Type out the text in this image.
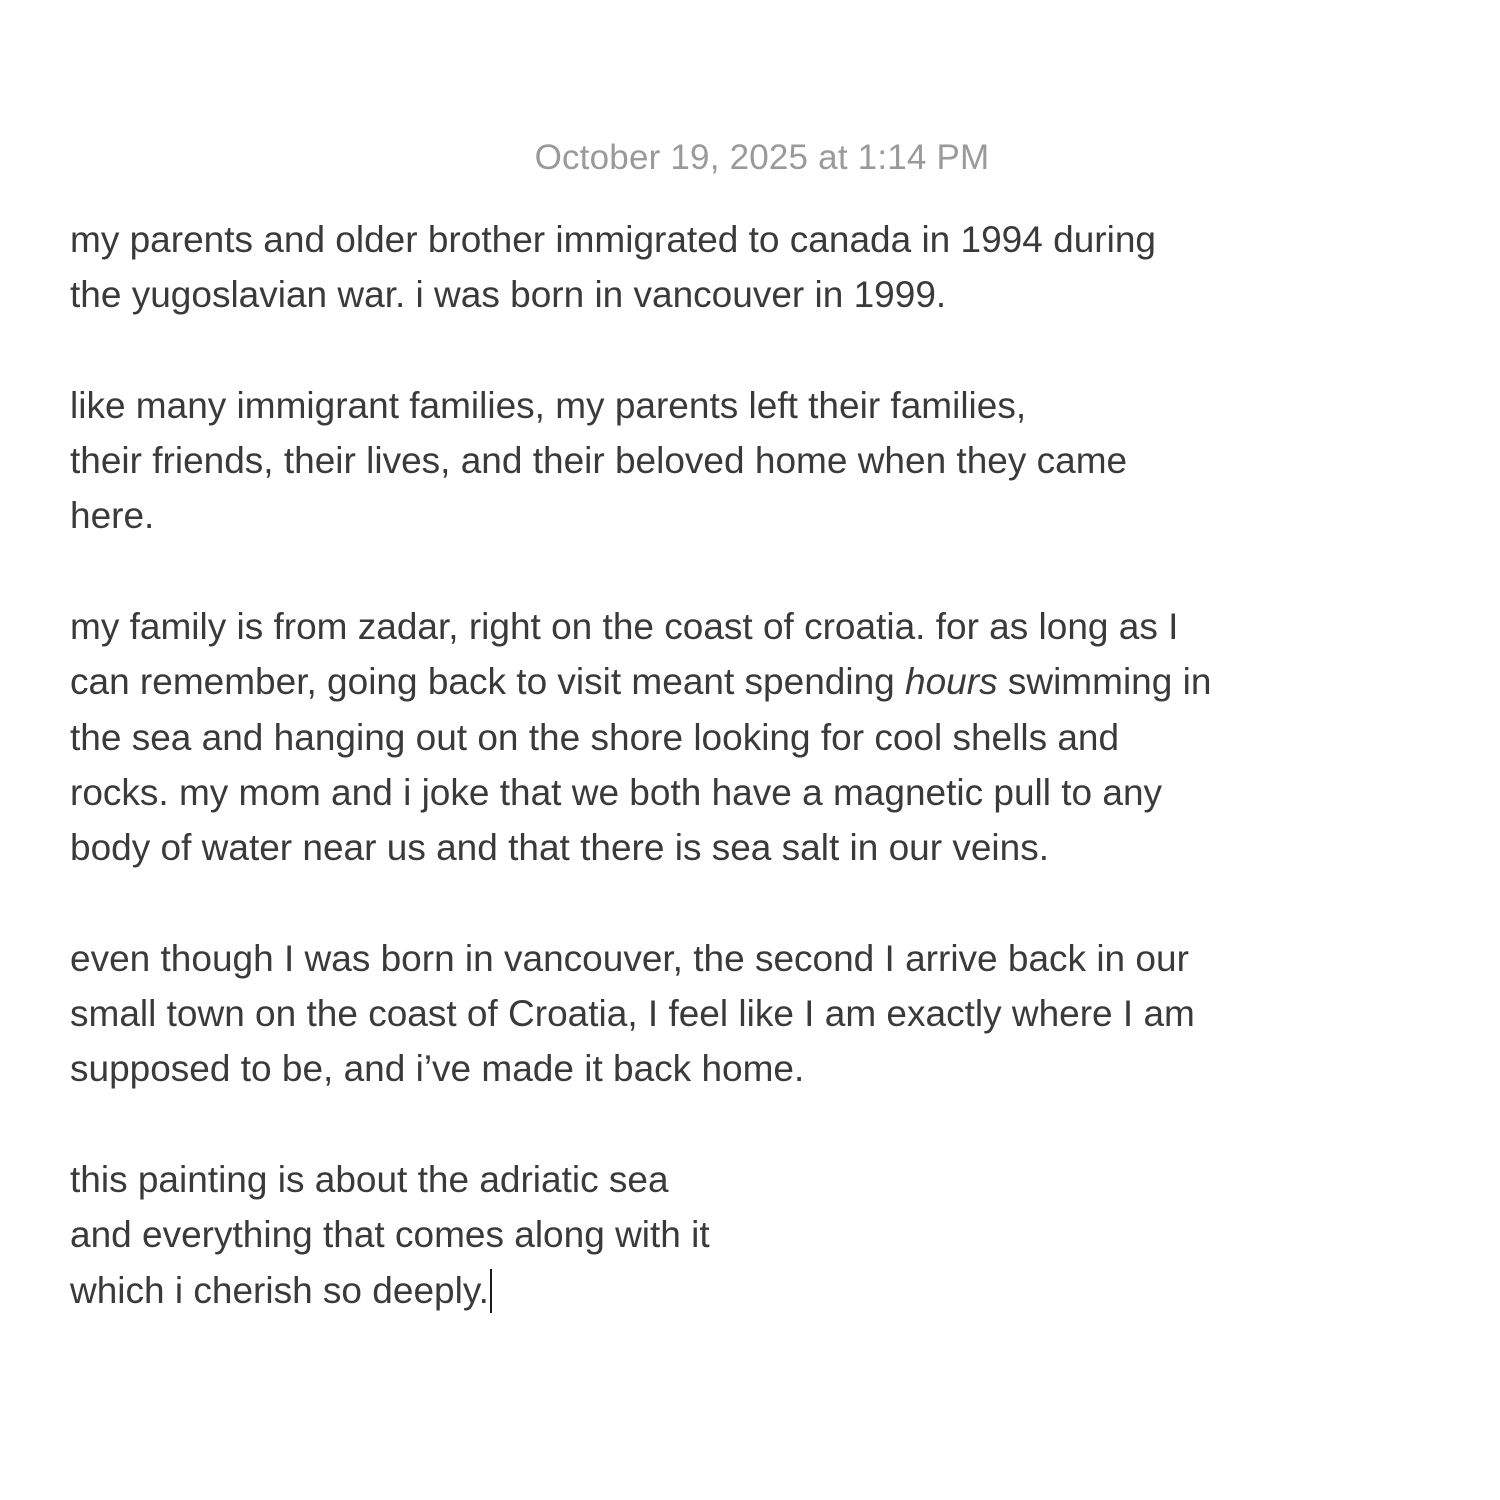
October 19, 2025 at 1:14 PM

my parents and older brother immigrated to canada in 1994 during
the yugoslavian war. i was born in vancouver in 1999.

like many immigrant families, my parents left their families,
their friends, their lives, and their beloved home when they came
here.

my family is from zadar, right on the coast of croatia. for as long as I
can remember, going back to visit meant spending hours swimming in
the sea and hanging out on the shore looking for cool shells and
rocks. my mom and i joke that we both have a magnetic pull to any
body of water near us and that there is sea salt in our veins.

even though I was born in vancouver, the second I arrive back in our
small town on the coast of Croatia, I feel like I am exactly where I am
supposed to be, and i’ve made it back home.

this painting is about the adriatic sea
and everything that comes along with it
which i cherish so deeply.
